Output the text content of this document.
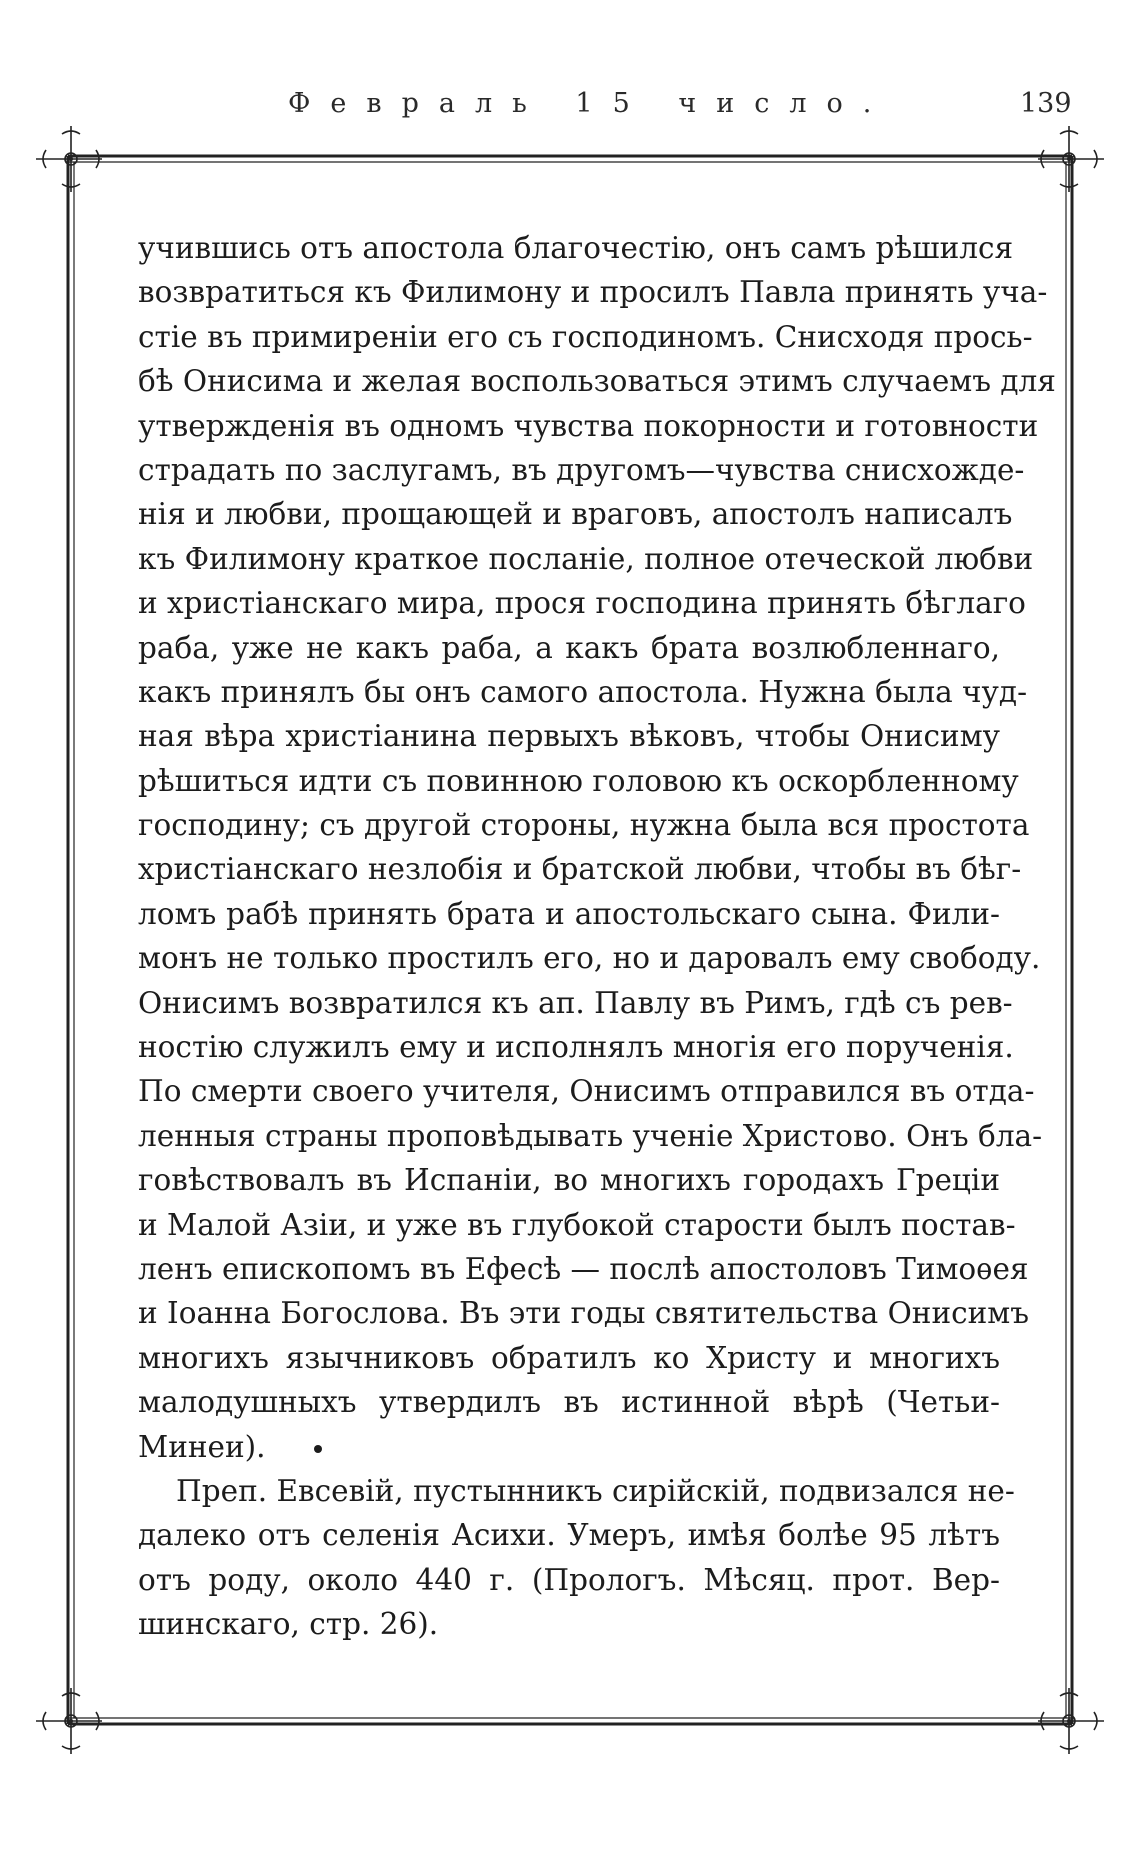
Февраль 15 число.	139
учившись отъ апостола благочестію, онъ самъ рѣшился
возвратиться къ Филимону и просилъ Павла принять уча-
стіе въ примиреніи его съ господиномъ. Снисходя прось-
бѣ Онисима и желая воспользоваться этимъ случаемъ для
утвержденія въ одномъ чувства покорности и готовности
страдать по заслугамъ, въ другомъ—чувства снисхожде-
нія и любви, прощающей и враговъ, апостолъ написалъ
къ Филимону краткое посланіе, полное отеческой любви
и христіанскаго мира, прося господина принять бѣглаго
раба, уже не какъ раба, а какъ брата возлюбленнаго,
какъ принялъ бы онъ самого апостола. Нужна была чуд-
ная вѣра христіанина первыхъ вѣковъ, чтобы Онисиму
рѣшиться идти съ повинною головою къ оскорбленному
господину; съ другой стороны, нужна была вся простота
христіанскаго незлобія и братской любви, чтобы въ бѣг-
ломъ рабѣ принять брата и апостольскаго сына. Фили-
монъ не только простилъ его, но и даровалъ ему свободу.
Онисимъ возвратился къ ап. Павлу въ Римъ, гдѣ съ рев-
ностію служилъ ему и исполнялъ многія его порученія.
По смерти своего учителя, Онисимъ отправился въ отда-
ленныя страны проповѣдывать ученіе Христово. Онъ бла-
говѣствовалъ въ Испаніи, во многихъ городахъ Греціи
и Малой Азіи, и уже въ глубокой старости былъ постав-
ленъ епископомъ въ Ефесѣ — послѣ апостоловъ Тимоѳея
и Іоанна Богослова. Въ эти годы святительства Онисимъ
многихъ язычниковъ обратилъ ко Христу и многихъ
малодушныхъ утвердилъ въ истинной вѣрѣ (Четьи-
Минеи).
Преп. Евсевій, пустынникъ сирійскій, подвизался не-
далеко отъ селенія Асихи. Умеръ, имѣя болѣе 95 лѣтъ
отъ роду, около 440 г. (Прологъ. Мѣсяц. прот. Вер-
шинскаго, стр. 26).
